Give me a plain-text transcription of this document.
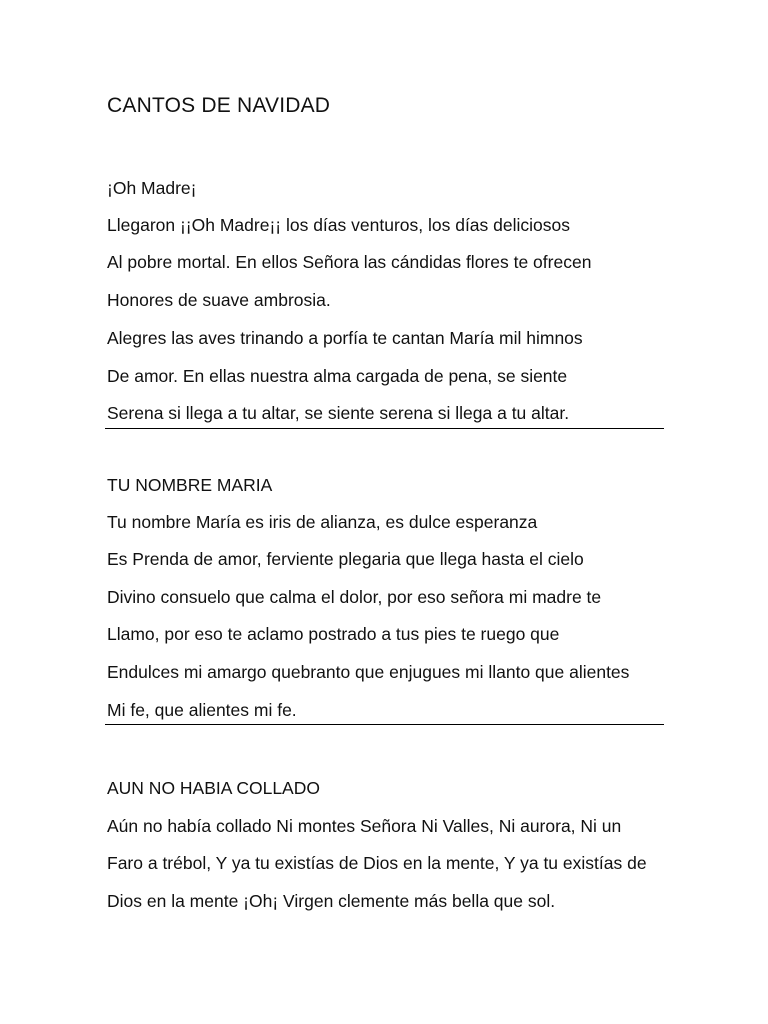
CANTOS DE NAVIDAD
¡Oh Madre¡
Llegaron ¡¡Oh Madre¡¡ los días venturos, los días deliciosos
Al pobre mortal. En ellos Señora las cándidas flores te ofrecen
Honores de suave ambrosia.
Alegres las aves trinando a porfía te cantan María mil himnos
De amor. En ellas nuestra alma cargada de pena, se siente
Serena si llega a tu altar, se siente serena si llega a tu altar.
TU NOMBRE MARIA
Tu nombre María es iris de alianza, es dulce esperanza
Es Prenda de amor, ferviente plegaria que llega hasta el cielo
Divino consuelo que calma el dolor, por eso señora mi madre te
Llamo, por eso te aclamo postrado a tus pies te ruego que
Endulces mi amargo quebranto que enjugues mi llanto que alientes
Mi fe, que alientes mi fe.
AUN NO HABIA COLLADO
Aún no había collado Ni montes Señora Ni Valles, Ni aurora, Ni un
Faro a trébol, Y ya tu existías de Dios en la mente, Y ya tu existías de
Dios en la mente ¡Oh¡ Virgen clemente más bella que sol.
